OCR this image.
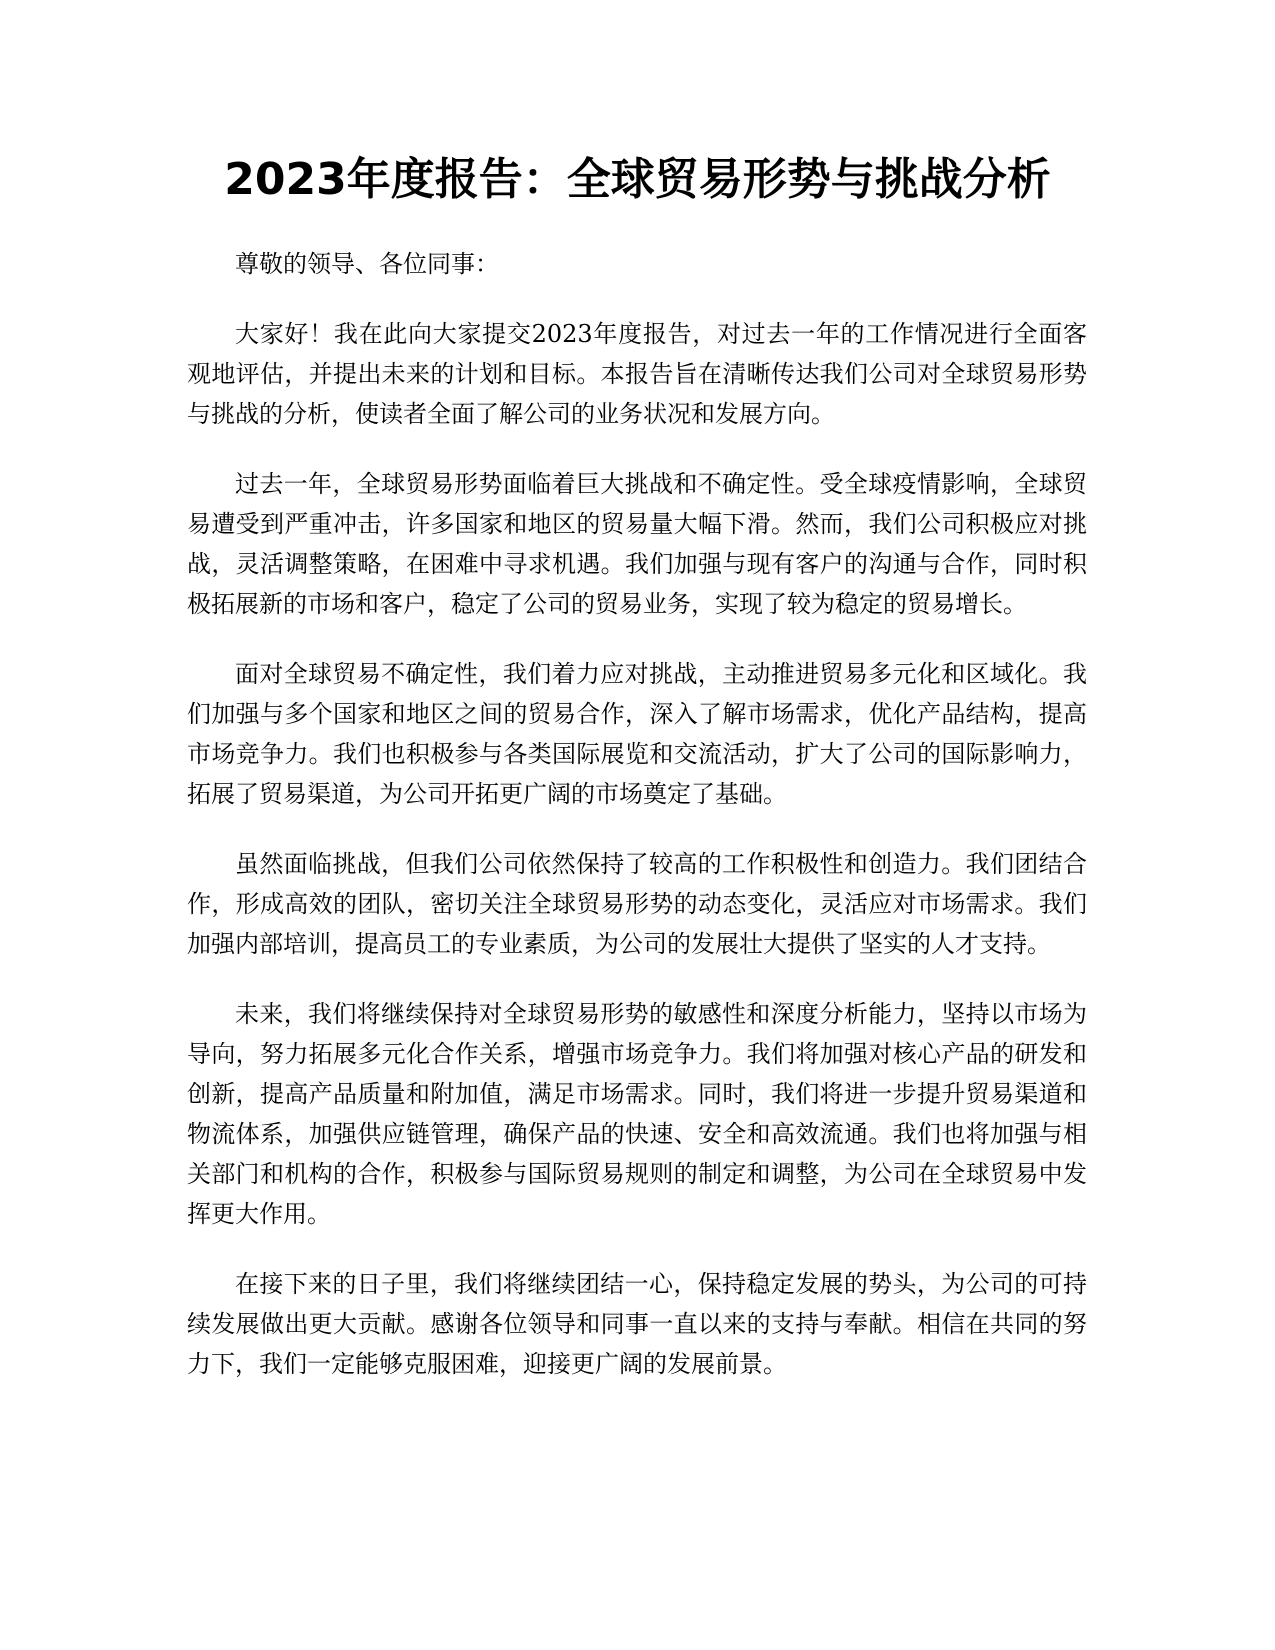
2023年度报告：全球贸易形势与挑战分析

尊敬的领导、各位同事：

大家好！我在此向大家提交2023年度报告，对过去一年的工作情况进行全面客观地评估，并提出未来的计划和目标。本报告旨在清晰传达我们公司对全球贸易形势与挑战的分析，使读者全面了解公司的业务状况和发展方向。

过去一年，全球贸易形势面临着巨大挑战和不确定性。受全球疫情影响，全球贸易遭受到严重冲击，许多国家和地区的贸易量大幅下滑。然而，我们公司积极应对挑战，灵活调整策略，在困难中寻求机遇。我们加强与现有客户的沟通与合作，同时积极拓展新的市场和客户，稳定了公司的贸易业务，实现了较为稳定的贸易增长。

面对全球贸易不确定性，我们着力应对挑战，主动推进贸易多元化和区域化。我们加强与多个国家和地区之间的贸易合作，深入了解市场需求，优化产品结构，提高市场竞争力。我们也积极参与各类国际展览和交流活动，扩大了公司的国际影响力，拓展了贸易渠道，为公司开拓更广阔的市场奠定了基础。

虽然面临挑战，但我们公司依然保持了较高的工作积极性和创造力。我们团结合作，形成高效的团队，密切关注全球贸易形势的动态变化，灵活应对市场需求。我们加强内部培训，提高员工的专业素质，为公司的发展壮大提供了坚实的人才支持。

未来，我们将继续保持对全球贸易形势的敏感性和深度分析能力，坚持以市场为导向，努力拓展多元化合作关系，增强市场竞争力。我们将加强对核心产品的研发和创新，提高产品质量和附加值，满足市场需求。同时，我们将进一步提升贸易渠道和物流体系，加强供应链管理，确保产品的快速、安全和高效流通。我们也将加强与相关部门和机构的合作，积极参与国际贸易规则的制定和调整，为公司在全球贸易中发挥更大作用。

在接下来的日子里，我们将继续团结一心，保持稳定发展的势头，为公司的可持续发展做出更大贡献。感谢各位领导和同事一直以来的支持与奉献。相信在共同的努力下，我们一定能够克服困难，迎接更广阔的发展前景。
